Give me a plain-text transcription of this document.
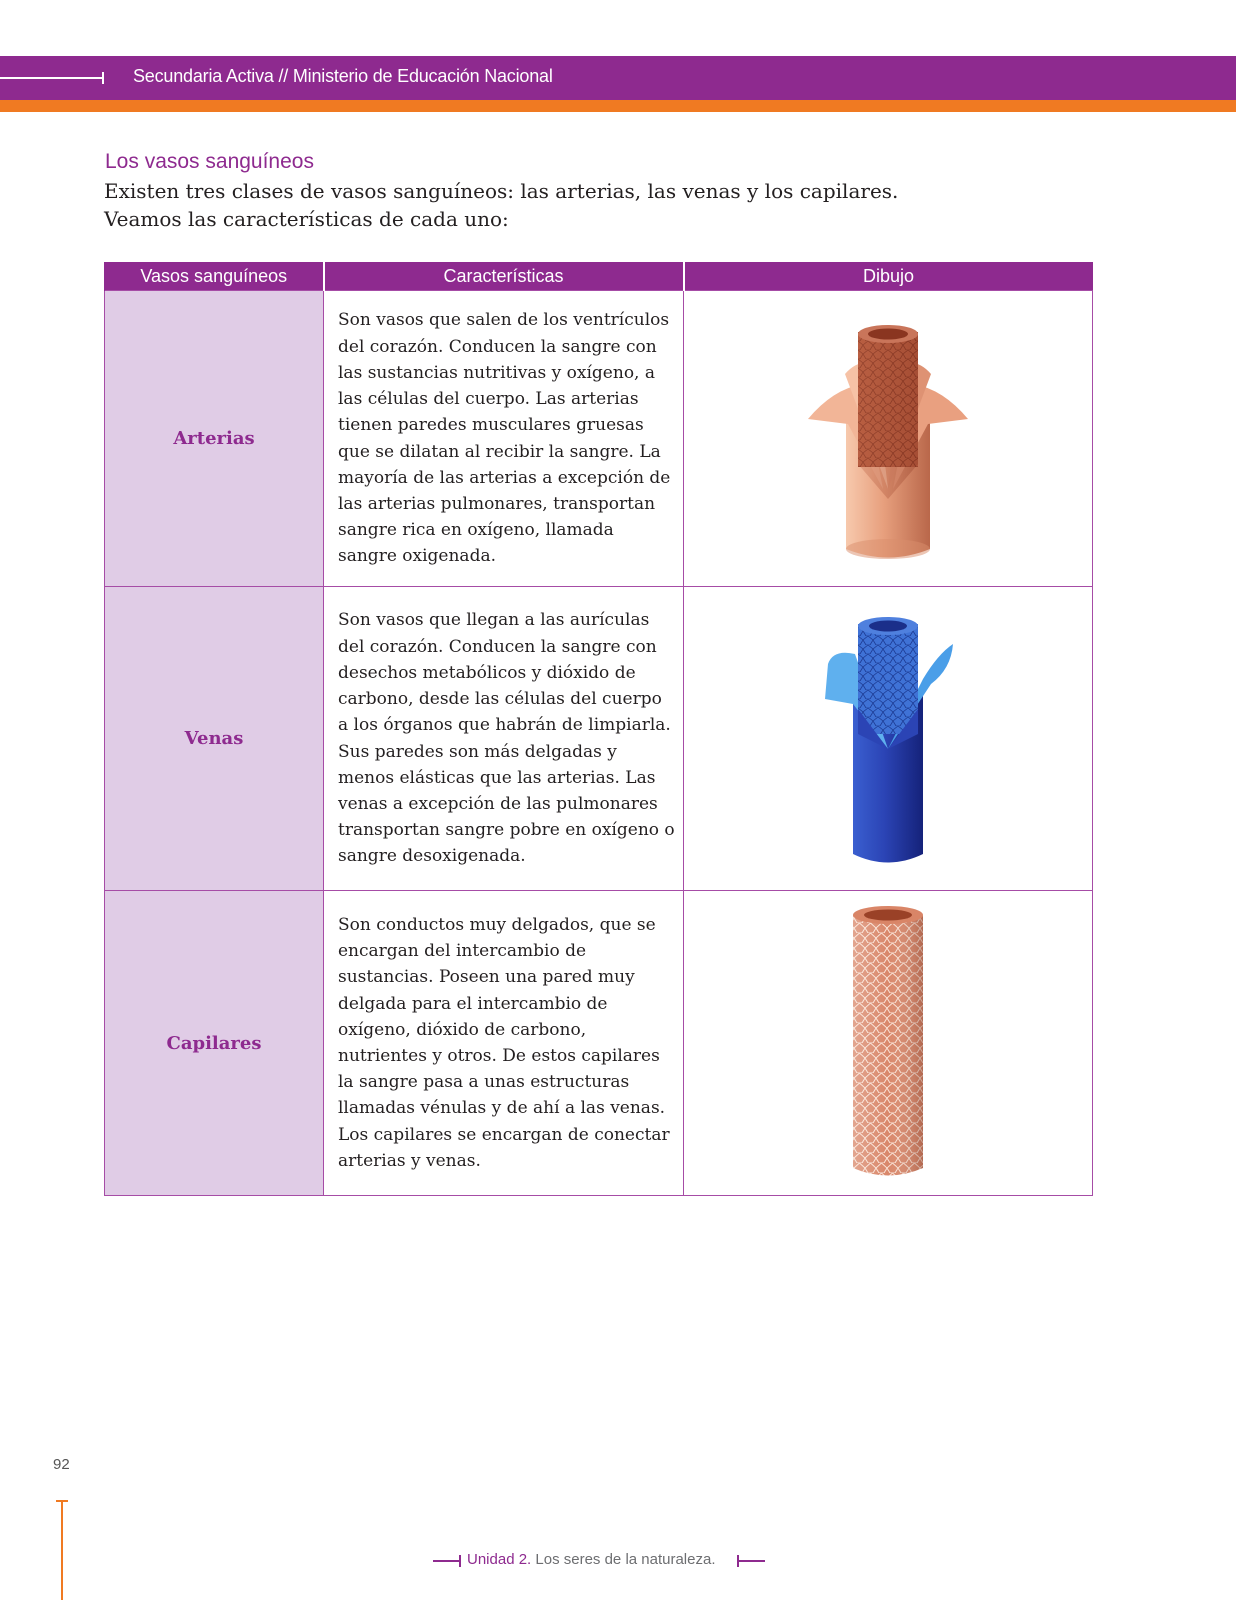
Secundaria Activa // Ministerio de Educación Nacional
Los vasos sanguíneos

Existen tres clases de vasos sanguíneos: las arterias, las venas y los capilares.

Veamos las características de cada uno:

Vasos sanguíneos	Características	Dibujo
Arterias	Son vasos que salen de los ventrículos del corazón. Conducen la sangre con las sustancias nutritivas y oxígeno, a las células del cuerpo. Las arterias tienen paredes musculares gruesas que se dilatan al recibir la sangre. La mayoría de las arterias a excepción de las arterias pulmonares, transportan sangre rica en oxígeno, llamada sangre oxigenada.	

Venas	Son vasos que llegan a las aurículas del corazón. Conducen la sangre con desechos metabólicos y dióxido de carbono, desde las células del cuerpo a los órganos que habrán de limpiarla. Sus paredes son más delgadas y menos elásticas que las arterias. Las venas a excepción de las pulmonares transportan sangre pobre en oxígeno o sangre desoxigenada.	

Capilares	Son conductos muy delgados, que se encargan del intercambio de sustancias. Poseen una pared muy delgada para el intercambio de oxígeno, dióxido de carbono, nutrientes y otros. De estos capilares la sangre pasa a unas estructuras llamadas vénulas y de ahí a las venas. Los capilares se encargan de conectar arterias y venas.	
92
Unidad 2. Los seres de la naturaleza.
